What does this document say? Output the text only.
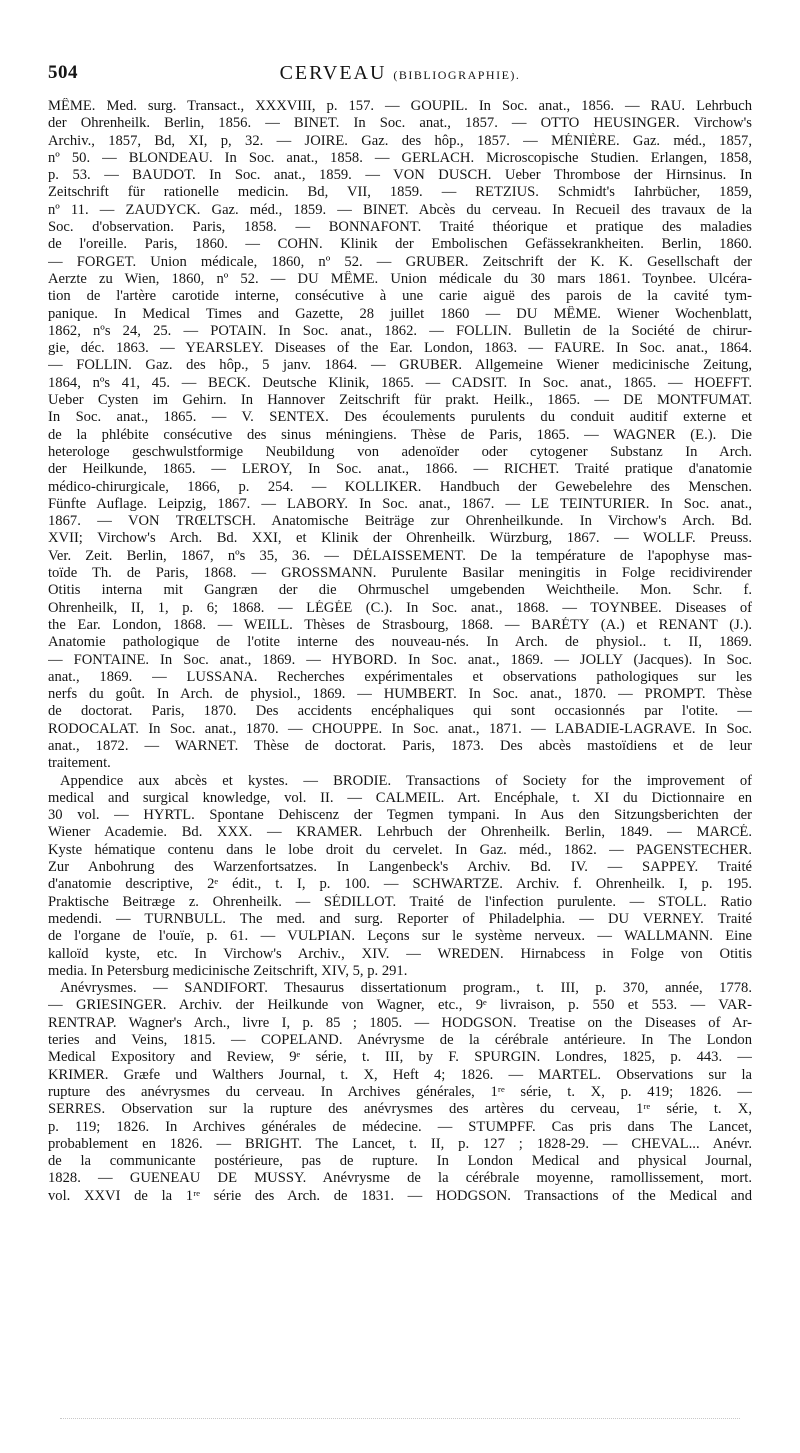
504	CERVEAU (BIBLIOGRAPHIE).
MÊME. Med. surg. Transact., XXXVIII, p. 157. — GOUPIL. In Soc. anat., 1856. — RAU. Lehrbuch
der Ohrenheilk. Berlin, 1856. — BINET. In Soc. anat., 1857. — OTTO HEUSINGER. Virchow's
Archiv., 1857, Bd, XI, p, 32. — JOIRE. Gaz. des hôp., 1857. — MÉNIÈRE. Gaz. méd., 1857,
nº 50. — BLONDEAU. In Soc. anat., 1858. — GERLACH. Microscopische Studien. Erlangen, 1858,
p. 53. — BAUDOT. In Soc. anat., 1859. — VON DUSCH. Ueber Thrombose der Hirnsinus. In
Zeitschrift für rationelle medicin. Bd, VII, 1859. — RETZIUS. Schmidt's Iahrbücher, 1859,
nº 11. — ZAUDYCK. Gaz. méd., 1859. — BINET. Abcès du cerveau. In Recueil des travaux de la
Soc. d'observation. Paris, 1858. — BONNAFONT. Traité théorique et pratique des maladies
de l'oreille. Paris, 1860. — COHN. Klinik der Embolischen Gefässekrankheiten. Berlin, 1860.
— FORGET. Union médicale, 1860, nº 52. — GRUBER. Zeitschrift der K. K. Gesellschaft der
Aerzte zu Wien, 1860, nº 52. — DU MÊME. Union médicale du 30 mars 1861. Toynbee. Ulcéra-
tion de l'artère carotide interne, consécutive à une carie aiguë des parois de la cavité tym-
panique. In Medical Times and Gazette, 28 juillet 1860 — DU MÊME. Wiener Wochenblatt,
1862, nºs 24, 25. — POTAIN. In Soc. anat., 1862. — FOLLIN. Bulletin de la Société de chirur-
gie, déc. 1863. — YEARSLEY. Diseases of the Ear. London, 1863. — FAURE. In Soc. anat., 1864.
— FOLLIN. Gaz. des hôp., 5 janv. 1864. — GRUBER. Allgemeine Wiener medicinische Zeitung,
1864, nºs 41, 45. — BECK. Deutsche Klinik, 1865. — CADSIT. In Soc. anat., 1865. — HOEFFT.
Ueber Cysten im Gehirn. In Hannover Zeitschrift für prakt. Heilk., 1865. — DE MONTFUMAT.
In Soc. anat., 1865. — V. SENTEX. Des écoulements purulents du conduit auditif externe et
de la phlébite consécutive des sinus méningiens. Thèse de Paris, 1865. — WAGNER (E.). Die
heterologe geschwulstformige Neubildung von adenoïder oder cytogener Substanz In Arch.
der Heilkunde, 1865. — LEROY, In Soc. anat., 1866. — RICHET. Traité pratique d'anatomie
médico-chirurgicale, 1866, p. 254. — KOLLIKER. Handbuch der Gewebelehre des Menschen.
Fünfte Auflage. Leipzig, 1867. — LABORY. In Soc. anat., 1867. — LE TEINTURIER. In Soc. anat.,
1867. — VON TRŒLTSCH. Anatomische Beiträge zur Ohrenheilkunde. In Virchow's Arch. Bd.
XVII; Virchow's Arch. Bd. XXI, et Klinik der Ohrenheilk. Würzburg, 1867. — WOLLF. Preuss.
Ver. Zeit. Berlin, 1867, nºs 35, 36. — DÉLAISSEMENT. De la température de l'apophyse mas-
toïde Th. de Paris, 1868. — GROSSMANN. Purulente Basilar meningitis in Folge recidivirender
Otitis interna mit Gangræn der die Ohrmuschel umgebenden Weichtheile. Mon. Schr. f.
Ohrenheilk, II, 1, p. 6; 1868. — LÉGÉE (C.). In Soc. anat., 1868. — TOYNBEE. Diseases of
the Ear. London, 1868. — WEILL. Thèses de Strasbourg, 1868. — BARÉTY (A.) et RENANT (J.).
Anatomie pathologique de l'otite interne des nouveau-nés. In Arch. de physiol.. t. II, 1869.
— FONTAINE. In Soc. anat., 1869. — HYBORD. In Soc. anat., 1869. — JOLLY (Jacques). In Soc.
anat., 1869. — LUSSANA. Recherches expérimentales et observations pathologiques sur les
nerfs du goût. In Arch. de physiol., 1869. — HUMBERT. In Soc. anat., 1870. — PROMPT. Thèse
de doctorat. Paris, 1870. Des accidents encéphaliques qui sont occasionnés par l'otite. —
RODOCALAT. In Soc. anat., 1870. — CHOUPPE. In Soc. anat., 1871. — LABADIE-LAGRAVE. In Soc.
anat., 1872. — WARNET. Thèse de doctorat. Paris, 1873. Des abcès mastoïdiens et de leur
traitement.
Appendice aux abcès et kystes. — BRODIE. Transactions of Society for the improvement of
medical and surgical knowledge, vol. II. — CALMEIL. Art. Encéphale, t. XI du Dictionnaire en
30 vol. — HYRTL. Spontane Dehiscenz der Tegmen tympani. In Aus den Sitzungsberichten der
Wiener Academie. Bd. XXX. — KRAMER. Lehrbuch der Ohrenheilk. Berlin, 1849. — MARCÉ.
Kyste hématique contenu dans le lobe droit du cervelet. In Gaz. méd., 1862. — PAGENSTECHER.
Zur Anbohrung des Warzenfortsatzes. In Langenbeck's Archiv. Bd. IV. — SAPPEY. Traité
d'anatomie descriptive, 2ᵉ édit., t. I, p. 100. — SCHWARTZE. Archiv. f. Ohrenheilk. I, p. 195.
Praktische Beitræge z. Ohrenheilk. — SÉDILLOT. Traité de l'infection purulente. — STOLL. Ratio
medendi. — TURNBULL. The med. and surg. Reporter of Philadelphia. — DU VERNEY. Traité
de l'organe de l'ouïe, p. 61. — VULPIAN. Leçons sur le système nerveux. — WALLMANN. Eine
kalloïd kyste, etc. In Virchow's Archiv., XIV. — WREDEN. Hirnabcess in Folge von Otitis
media. In Petersburg medicinische Zeitschrift, XIV, 5, p. 291.
Anévrysmes. — SANDIFORT. Thesaurus dissertationum program., t. III, p. 370, année, 1778.
— GRIESINGER. Archiv. der Heilkunde von Wagner, etc., 9ᵉ livraison, p. 550 et 553. — VAR-
RENTRAP. Wagner's Arch., livre I, p. 85 ; 1805. — HODGSON. Treatise on the Diseases of Ar-
teries and Veins, 1815. — COPELAND. Anévrysme de la cérébrale antérieure. In The London
Medical Expository and Review, 9ᵉ série, t. III, by F. SPURGIN. Londres, 1825, p. 443. —
KRIMER. Græfe und Walthers Journal, t. X, Heft 4; 1826. — MARTEL. Observations sur la
rupture des anévrysmes du cerveau. In Archives générales, 1ʳᵉ série, t. X, p. 419; 1826. —
SERRES. Observation sur la rupture des anévrysmes des artères du cerveau, 1ʳᵉ série, t. X,
p. 119; 1826. In Archives générales de médecine. — STUMPFF. Cas pris dans The Lancet,
probablement en 1826. — BRIGHT. The Lancet, t. II, p. 127 ; 1828-29. — CHEVAL... Anévr.
de la communicante postérieure, pas de rupture. In London Medical and physical Journal,
1828. — GUENEAU DE MUSSY. Anévrysme de la cérébrale moyenne, ramollissement, mort.
vol. XXVI de la 1ʳᵉ série des Arch. de 1831. — HODGSON. Transactions of the Medical and
